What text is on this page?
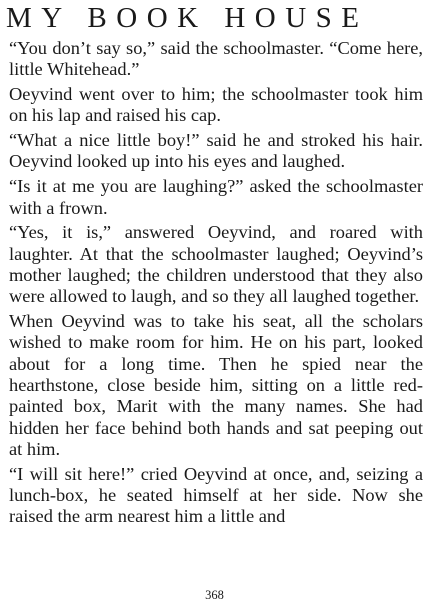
MY BOOK HOUSE

“You don’t say so,” said the schoolmaster. “Come here, little Whitehead.”

Oeyvind went over to him; the schoolmaster took him on his lap and raised his cap.

“What a nice little boy!” said he and stroked his hair. Oeyvind looked up into his eyes and laughed.

“Is it at me you are laughing?” asked the schoolmaster with a frown.

“Yes, it is,” answered Oeyvind, and roared with laughter. At that the schoolmaster laughed; Oeyvind’s mother laughed; the children understood that they also were allowed to laugh, and so they all laughed together.

When Oeyvind was to take his seat, all the scholars wished to make room for him. He on his part, looked about for a long time. Then he spied near the hearthstone, close beside him, sitting on a little red-painted box, Marit with the many names. She had hidden her face behind both hands and sat peeping out at him.

“I will sit here!” cried Oeyvind at once, and, seizing a lunch-box, he seated himself at her side. Now she raised the arm nearest him a little and

368
